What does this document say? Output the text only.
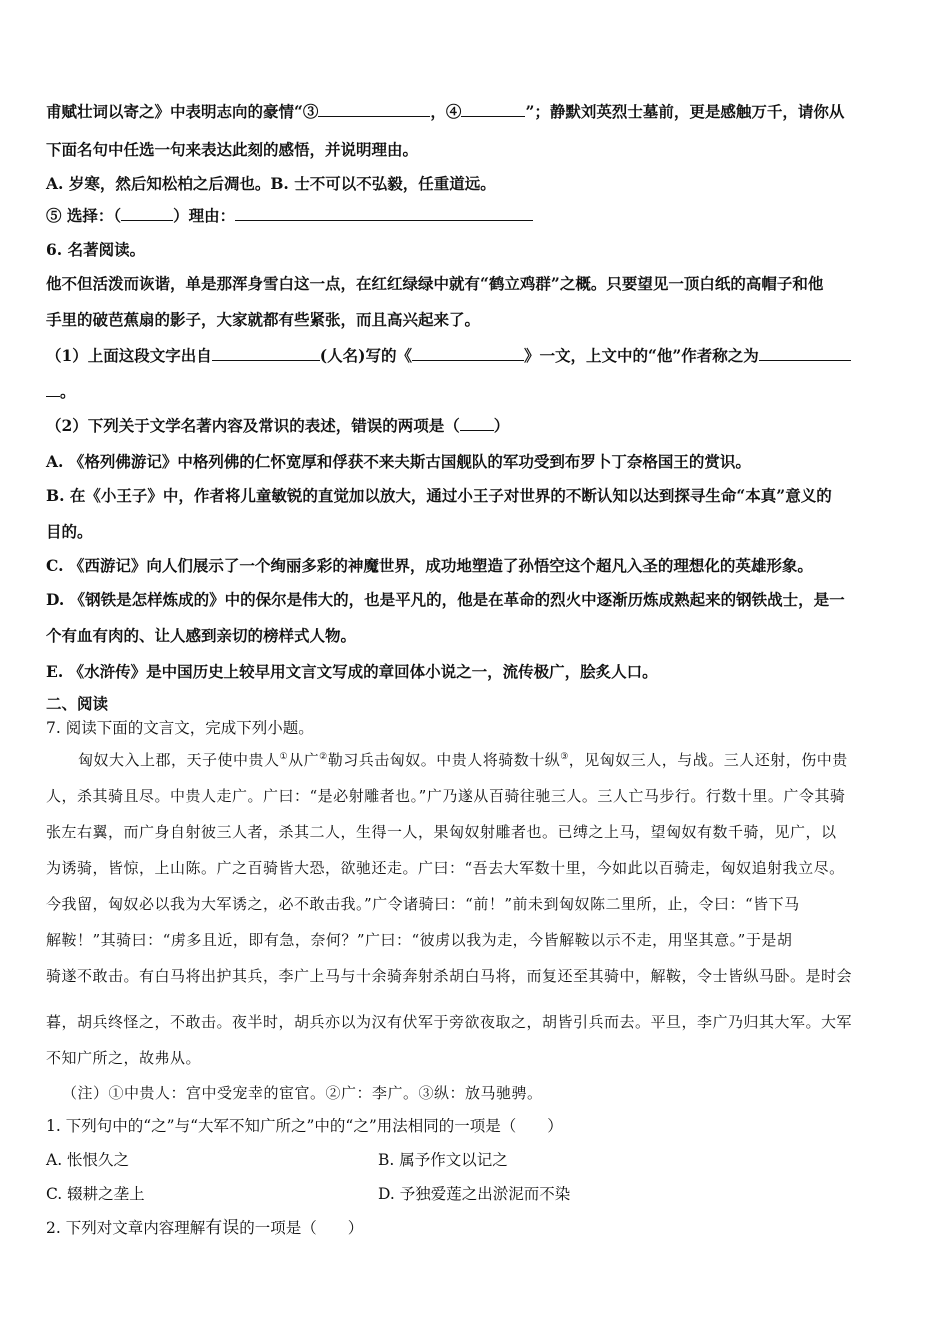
甫赋壮词以寄之》中表明志向的豪情“③	，④	”；静默刘英烈士墓前，更是感触万千，请你从
下面名句中任选一句来表达此刻的感悟，并说明理由。
A. 岁寒，然后知松柏之后凋也。B. 士不可以不弘毅，任重道远。
⑤ 选择：（	）理由：
6. 名著阅读。
他不但活泼而诙谐，单是那浑身雪白这一点，在红红绿绿中就有“鹤立鸡群”之概。只要望见一顶白纸的高帽子和他
手里的破芭蕉扇的影子，大家就都有些紧张，而且高兴起来了。
（1）上面这段文字出自	(人名)写的《	》一文，上文中的“他”作者称之为
。
（2）下列关于文学名著内容及常识的表述，错误的两项是（ ）
A. 《格列佛游记》中格列佛的仁怀宽厚和俘获不来夫斯古国舰队的军功受到布罗卜丁奈格国王的赏识。
B. 在《小王子》中，作者将儿童敏锐的直觉加以放大，通过小王子对世界的不断认知以达到探寻生命“本真”意义的
目的。
C. 《西游记》向人们展示了一个绚丽多彩的神魔世界，成功地塑造了孙悟空这个超凡入圣的理想化的英雄形象。
D. 《钢铁是怎样炼成的》中的保尔是伟大的，也是平凡的，他是在革命的烈火中逐渐历炼成熟起来的钢铁战士，是一
个有血有肉的、让人感到亲切的榜样式人物。
E. 《水浒传》是中国历史上较早用文言文写成的章回体小说之一，流传极广，脍炙人口。
二、阅读
7. 阅读下面的文言文，完成下列小题。
匈奴大入上郡，天子使中贵人①从广②勒习兵击匈奴。中贵人将骑数十纵③，见匈奴三人，与战。三人还射，伤中贵
人，杀其骑且尽。中贵人走广。广曰：“是必射雕者也。”广乃遂从百骑往驰三人。三人亡马步行。行数十里。广令其骑
张左右翼，而广身自射彼三人者，杀其二人，生得一人，果匈奴射雕者也。已缚之上马，望匈奴有数千骑，见广，以
为诱骑，皆惊，上山陈。广之百骑皆大恐，欲驰还走。广曰：“吾去大军数十里，今如此以百骑走，匈奴追射我立尽。
今我留，匈奴必以我为大军诱之，必不敢击我。”广令诸骑曰：“前！”前未到匈奴陈二里所，止，令曰：“皆下马
解鞍！”其骑曰：“虏多且近，即有急，奈何？”广曰：“彼虏以我为走，今皆解鞍以示不走，用坚其意。”于是胡
骑遂不敢击。有白马将出护其兵，李广上马与十余骑奔射杀胡白马将，而复还至其骑中，解鞍，令士皆纵马卧。是时会
暮，胡兵终怪之，不敢击。夜半时，胡兵亦以为汉有伏军于旁欲夜取之，胡皆引兵而去。平旦，李广乃归其大军。大军
不知广所之，故弗从。
（注）①中贵人：宫中受宠幸的宦官。②广：李广。③纵：放马驰骋。
1. 下列句中的“之”与“大军不知广所之”中的“之”用法相同的一项是（　　）
A. 怅恨久之	B. 属予作文以记之
C. 辍耕之垄上	D. 予独爱莲之出淤泥而不染
2. 下列对文章内容理解有误的一项是（　　）
